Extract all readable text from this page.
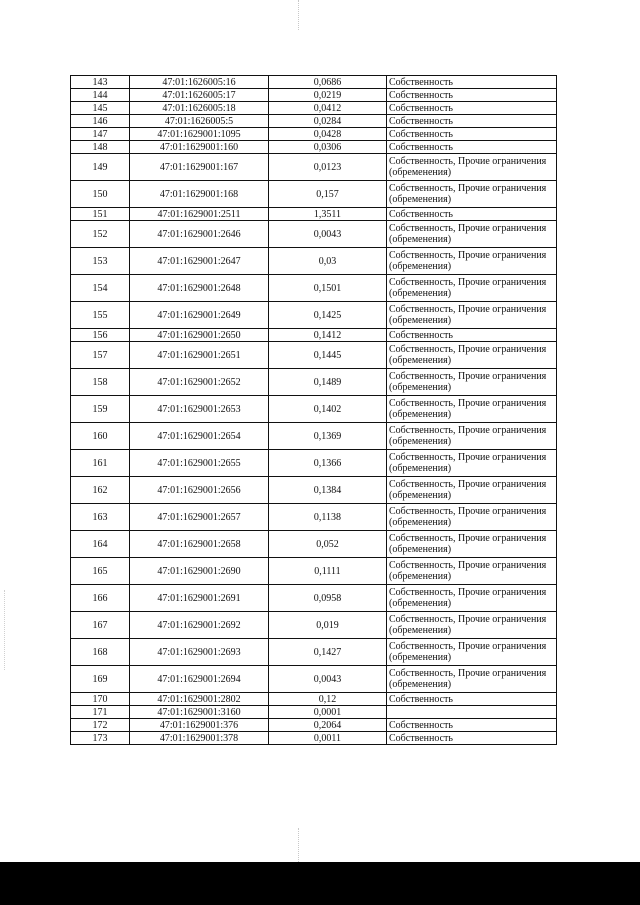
143	47:01:1626005:16	0,0686	Собственность
144	47:01:1626005:17	0,0219	Собственность
145	47:01:1626005:18	0,0412	Собственность
146	47:01:1626005:5	0,0284	Собственность
147	47:01:1629001:1095	0,0428	Собственность
148	47:01:1629001:160	0,0306	Собственность
149	47:01:1629001:167	0,0123	Собственность, Прочие ограничения (обременения)
150	47:01:1629001:168	0,157	Собственность, Прочие ограничения (обременения)
151	47:01:1629001:2511	1,3511	Собственность
152	47:01:1629001:2646	0,0043	Собственность, Прочие ограничения (обременения)
153	47:01:1629001:2647	0,03	Собственность, Прочие ограничения (обременения)
154	47:01:1629001:2648	0,1501	Собственность, Прочие ограничения (обременения)
155	47:01:1629001:2649	0,1425	Собственность, Прочие ограничения (обременения)
156	47:01:1629001:2650	0,1412	Собственность
157	47:01:1629001:2651	0,1445	Собственность, Прочие ограничения (обременения)
158	47:01:1629001:2652	0,1489	Собственность, Прочие ограничения (обременения)
159	47:01:1629001:2653	0,1402	Собственность, Прочие ограничения (обременения)
160	47:01:1629001:2654	0,1369	Собственность, Прочие ограничения (обременения)
161	47:01:1629001:2655	0,1366	Собственность, Прочие ограничения (обременения)
162	47:01:1629001:2656	0,1384	Собственность, Прочие ограничения (обременения)
163	47:01:1629001:2657	0,1138	Собственность, Прочие ограничения (обременения)
164	47:01:1629001:2658	0,052	Собственность, Прочие ограничения (обременения)
165	47:01:1629001:2690	0,1111	Собственность, Прочие ограничения (обременения)
166	47:01:1629001:2691	0,0958	Собственность, Прочие ограничения (обременения)
167	47:01:1629001:2692	0,019	Собственность, Прочие ограничения (обременения)
168	47:01:1629001:2693	0,1427	Собственность, Прочие ограничения (обременения)
169	47:01:1629001:2694	0,0043	Собственность, Прочие ограничения (обременения)
170	47:01:1629001:2802	0,12	Собственность
171	47:01:1629001:3160	0,0001	
172	47:01:1629001:376	0,2064	Собственность
173	47:01:1629001:378	0,0011	Собственность
